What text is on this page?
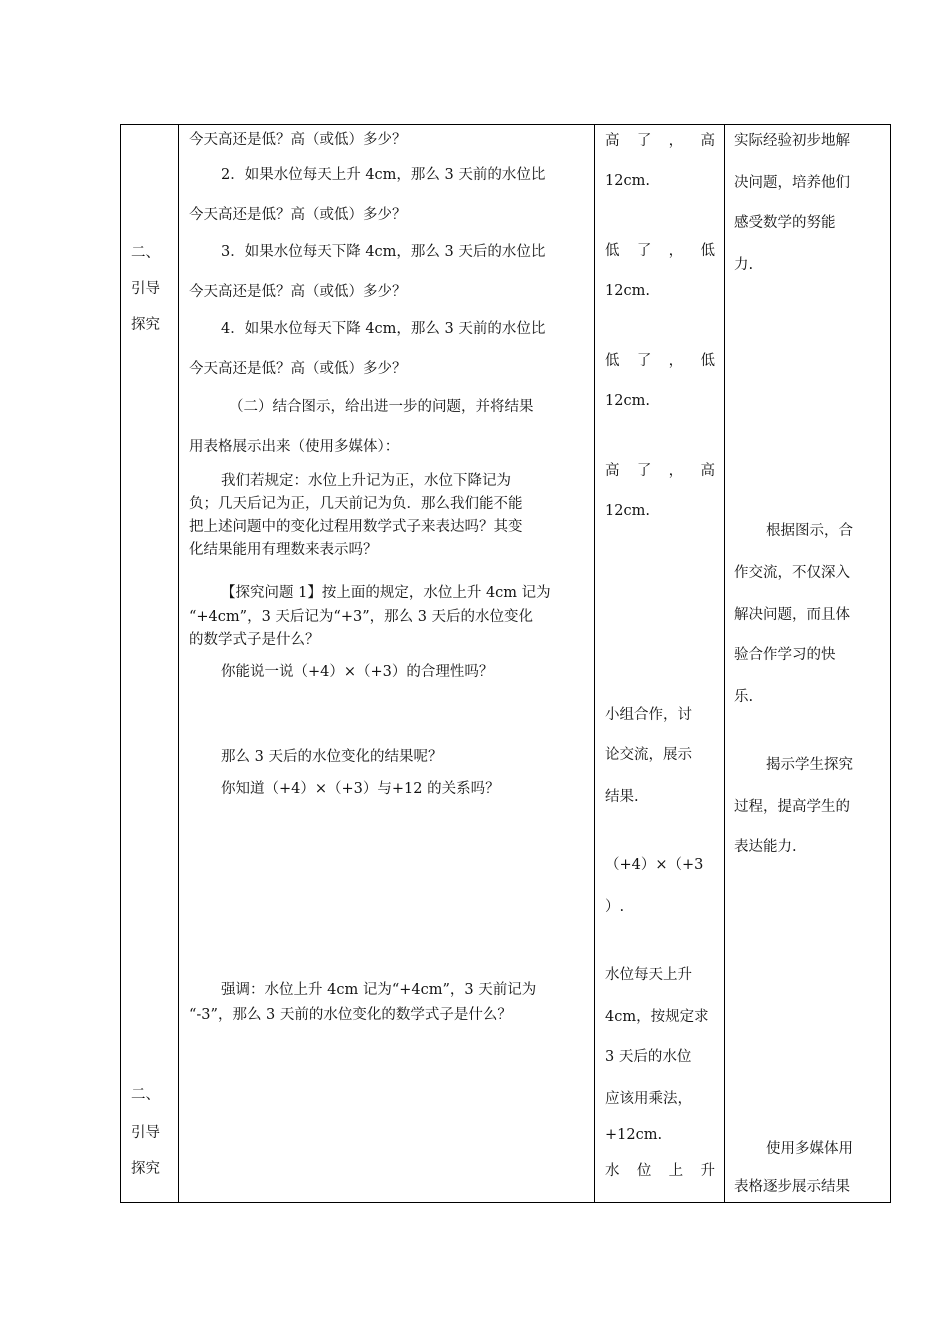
二、
引导
探究
二、
引导
探究
今天高还是低？高（或低）多少？
2．如果水位每天上升 4cm，那么 3 天前的水位比
今天高还是低？高（或低）多少？
3．如果水位每天下降 4cm，那么 3 天后的水位比
今天高还是低？高（或低）多少？
4．如果水位每天下降 4cm，那么 3 天前的水位比
今天高还是低？高（或低）多少？
（二）结合图示，给出进一步的问题，并将结果
用表格展示出来（使用多媒体）：
我们若规定：水位上升记为正，水位下降记为
负；几天后记为正，几天前记为负．那么我们能不能
把上述问题中的变化过程用数学式子来表达吗？其变
化结果能用有理数来表示吗？
【探究问题 1】按上面的规定，水位上升 4cm 记为
“+4cm”，3 天后记为“+3”，那么 3 天后的水位变化
的数学式子是什么？
你能说一说（+4）×（+3）的合理性吗？
那么 3 天后的水位变化的结果呢？
你知道（+4）×（+3）与+12 的关系吗？
强调：水位上升 4cm 记为“+4cm”，3 天前记为
“-3”，那么 3 天前的水位变化的数学式子是什么？
高 了 ， 高
12cm.
低 了 ， 低
12cm.
低 了 ， 低
12cm.
高 了 ， 高
12cm.
小组合作，讨
论交流，展示
结果.
（+4）×（+3
）.
水位每天上升
4cm，按规定求
3 天后的水位
应该用乘法，
+12cm.
水 位 上 升
实际经验初步地解
决问题，培养他们
感受数学的努能
力.
根据图示，合
作交流，不仅深入
解决问题，而且体
验合作学习的快
乐.
揭示学生探究
过程，提高学生的
表达能力.
使用多媒体用
表格逐步展示结果
